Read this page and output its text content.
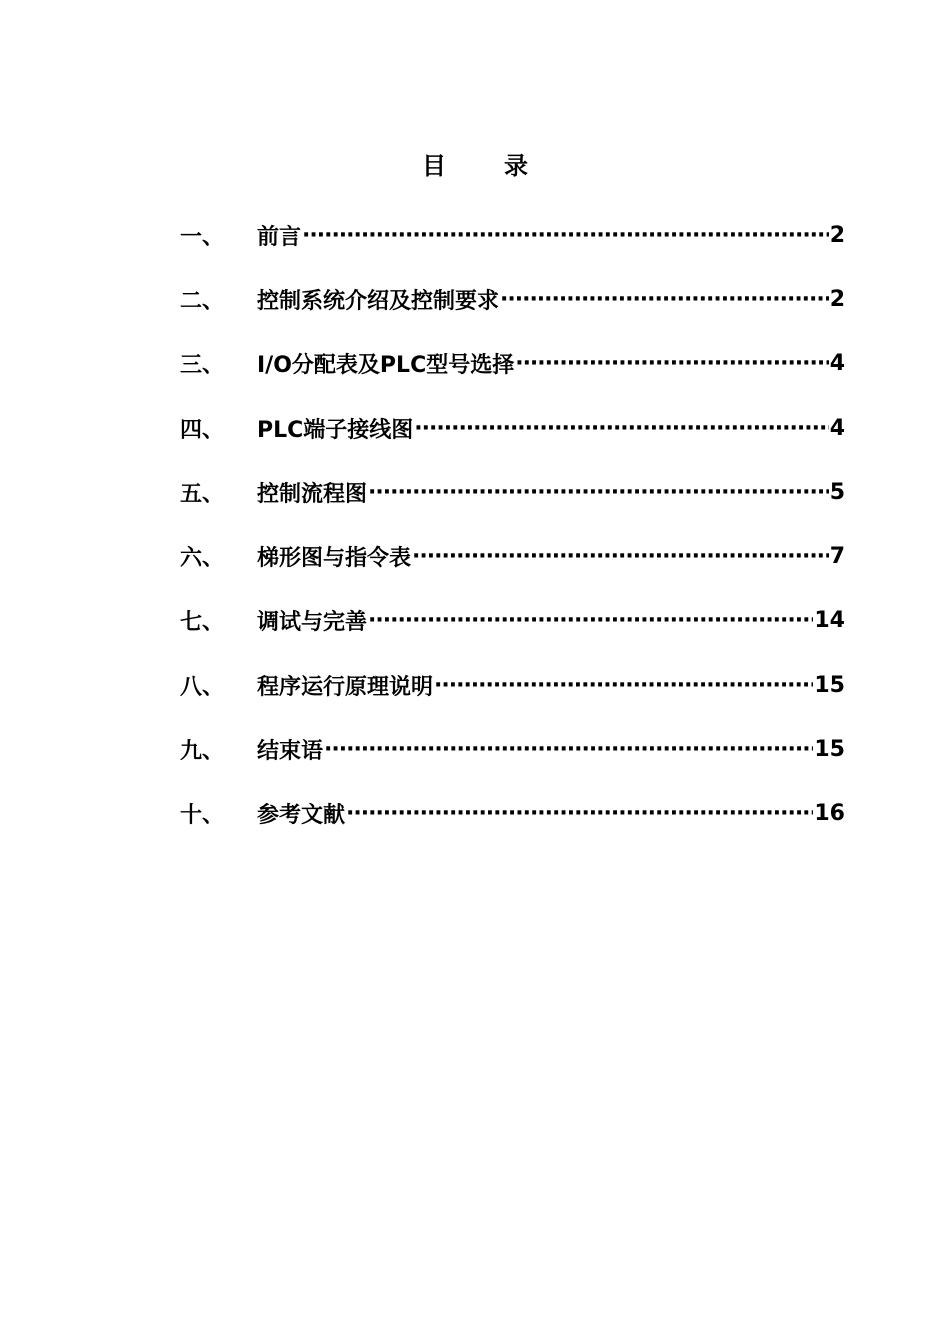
目 录
一、	前言 ·····	2
二、	控制系统介绍及控制要求 ·····	2
三、	I/O分配表及PLC型号选择 ·····	4
四、	PLC端子接线图 ·····	4
五、	控制流程图 ·····	5
六、	梯形图与指令表 ·····	7
七、	调试与完善 ·····	14
八、	程序运行原理说明 ·····	15
九、	结束语 ·····	15
十、	参考文献 ·····	16
